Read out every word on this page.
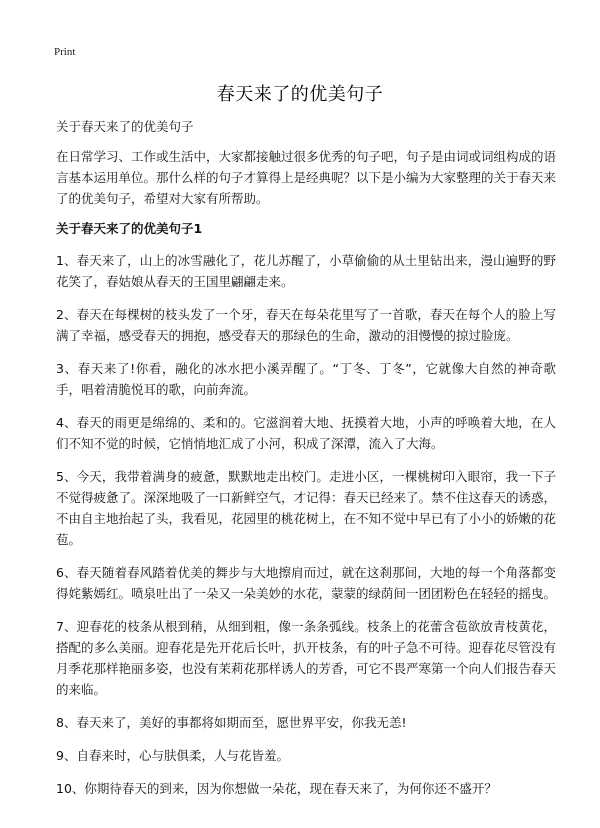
Print
春天来了的优美句子

关于春天来了的优美句子

在日常学习、工作或生活中，大家都接触过很多优秀的句子吧，句子是由词或词组构成的语言基本运用单位。那什么样的句子才算得上是经典呢？以下是小编为大家整理的关于春天来了的优美句子，希望对大家有所帮助。

关于春天来了的优美句子1

1、春天来了，山上的冰雪融化了，花儿苏醒了，小草偷偷的从土里钻出来，漫山遍野的野花笑了，春姑娘从春天的王国里翩翩走来。

2、春天在每棵树的枝头发了一个牙，春天在每朵花里写了一首歌，春天在每个人的脸上写满了幸福，感受春天的拥抱，感受春天的那绿色的生命，激动的泪慢慢的掠过脸庞。

3、春天来了!你看，融化的冰水把小溪弄醒了。“丁冬、丁冬”，它就像大自然的神奇歌手，唱着清脆悦耳的歌，向前奔流。

4、春天的雨更是绵绵的、柔和的。它滋润着大地、抚摸着大地，小声的呼唤着大地，在人们不知不觉的时候，它悄悄地汇成了小河，积成了深潭，流入了大海。

5、今天，我带着满身的疲惫，默默地走出校门。走进小区，一棵桃树印入眼帘，我一下子不觉得疲惫了。深深地吸了一口新鲜空气，才记得：春天已经来了。禁不住这春天的诱惑，不由自主地抬起了头，我看见，花园里的桃花树上，在不知不觉中早已有了小小的娇嫩的花苞。

6、春天随着春风踏着优美的舞步与大地擦肩而过，就在这刹那间，大地的每一个角落都变得姹紫嫣红。喷泉吐出了一朵又一朵美妙的水花，蒙蒙的绿荫间一团团粉色在轻轻的摇曳。

7、迎春花的枝条从根到稍，从细到粗，像一条条弧线。枝条上的花蕾含苞欲放青枝黄花，搭配的多么美丽。迎春花是先开花后长叶，扒开枝条，有的叶子急不可待。迎春花尽管没有月季花那样艳丽多姿，也没有茉莉花那样诱人的芳香，可它不畏严寒第一个向人们报告春天的来临。

8、春天来了，美好的事都将如期而至，愿世界平安，你我无恙!

9、自春来时，心与肤俱柔，人与花皆羞。

10、你期待春天的到来，因为你想做一朵花，现在春天来了，为何你还不盛开？
